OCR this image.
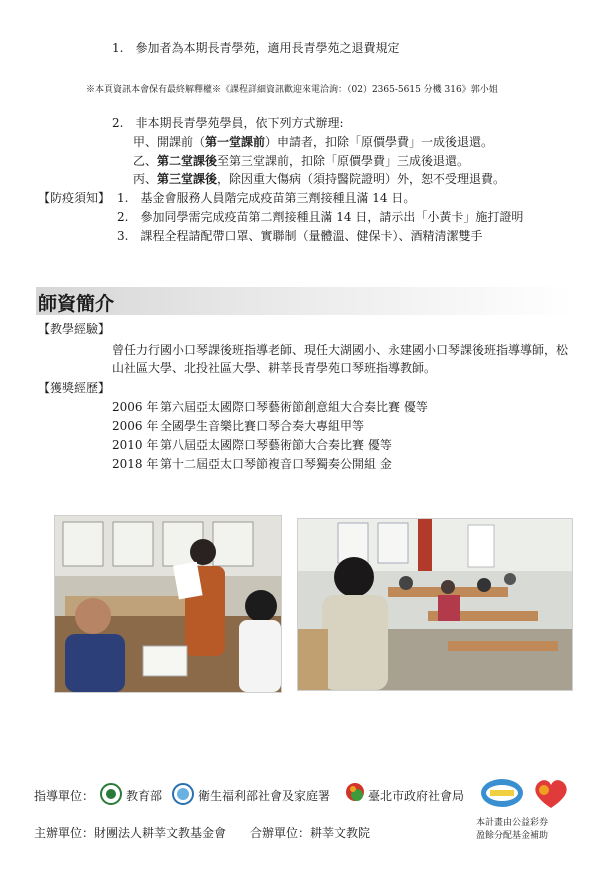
1.　參加者為本期長青學苑，適用長青學苑之退費規定
※本頁資訊本會保有最終解釋權※《課程詳細資訊歡迎來電洽詢：（02）2365-5615 分機 316》郭小姐
2.　非本期長青學苑學員，依下列方式辦理:
甲、開課前（第一堂課前）申請者，扣除「原價學費」一成後退還。
乙、第二堂課後至第三堂課前，扣除「原價學費」三成後退還。
丙、第三堂課後，除因重大傷病（須持醫院證明）外，恕不受理退費。
【防疫須知】 1.　基金會服務人員階完成疫苗第三劑接種且滿 14 日。
2.　參加同學需完成疫苗第二劑接種且滿 14 日，請示出「小黃卡」施打證明
3.　課程全程請配帶口罩、實聯制（量體溫、健保卡）、酒精清潔雙手
師資簡介
【教學經驗】
曾任力行國小口琴課後班指導老師、現任大湖國小、永建國小口琴課後班指導導師，松
山社區大學、北投社區大學、耕莘長青學苑口琴班指導教師。
【獲獎經歷】
2006 年 第六屆亞太國際口琴藝術節創意組大合奏比賽 優等
2006 年 全國學生音樂比賽口琴合奏大專組甲等
2010 年 第八屆亞太國際口琴藝術節大合奏比賽 優等
2018 年 第十二屆亞太口琴節複音口琴獨奏公開組 金
指導單位：	教育部	衛生福利部社會及家庭署	臺北市政府社會局
本計畫由公益彩券
盈餘分配基金補助
主辦單位：財團法人耕莘文教基金會　　合辦單位：耕莘文教院
